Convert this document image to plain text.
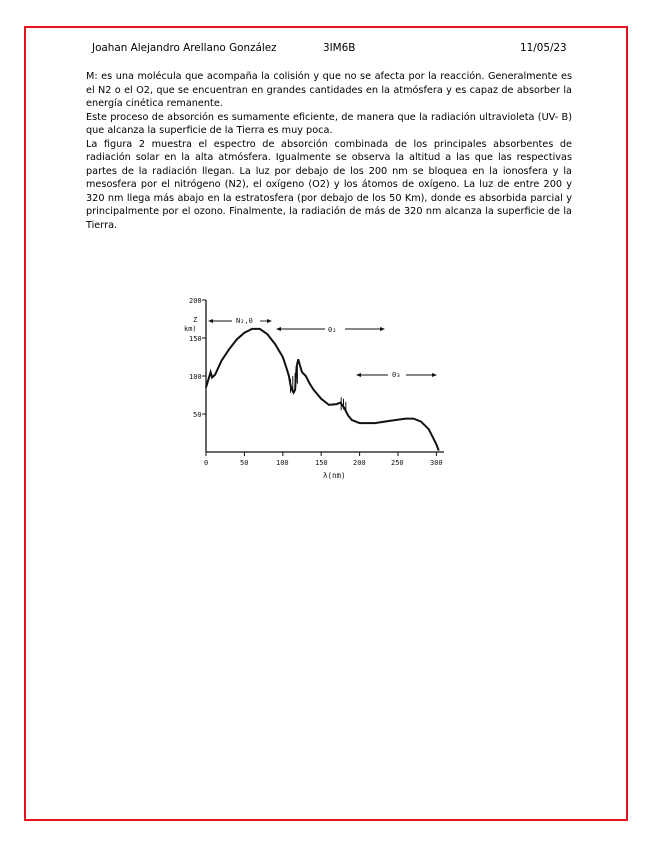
Joahan Alejandro Arellano González	3IM6B	11/05/23

M: es una molécula que acompaña la colisión y que no se afecta por la reacción. Generalmente es el N2 o el O2, que se encuentran en grandes cantidades en la atmósfera y es capaz de absorber la energía cinética remanente.

Este proceso de absorción es sumamente eficiente, de manera que la radiación ultravioleta (UV- B) que alcanza la superficie de la Tierra es muy poca.

La figura 2 muestra el espectro de absorción combinada de los principales absorbentes de radiación solar en la alta atmósfera. Igualmente se observa la altitud a las que las respectivas partes de la radiación llegan. La luz por debajo de los 200 nm se bloquea en la ionosfera y la mesosfera por el nitrógeno (N2), el oxígeno (O2) y los átomos de oxígeno. La luz de entre 200 y 320 nm llega más abajo en la estratosfera (por debajo de los 50 Km), donde es absorbida parcial y principalmente por el ozono. Finalmente, la radiación de más de 320 nm alcanza la superficie de la Tierra.

200
150
100
50
0	50	100	150	200	250	300
Z
km)
λ(nm)
N₂,0
0₂
0₃
